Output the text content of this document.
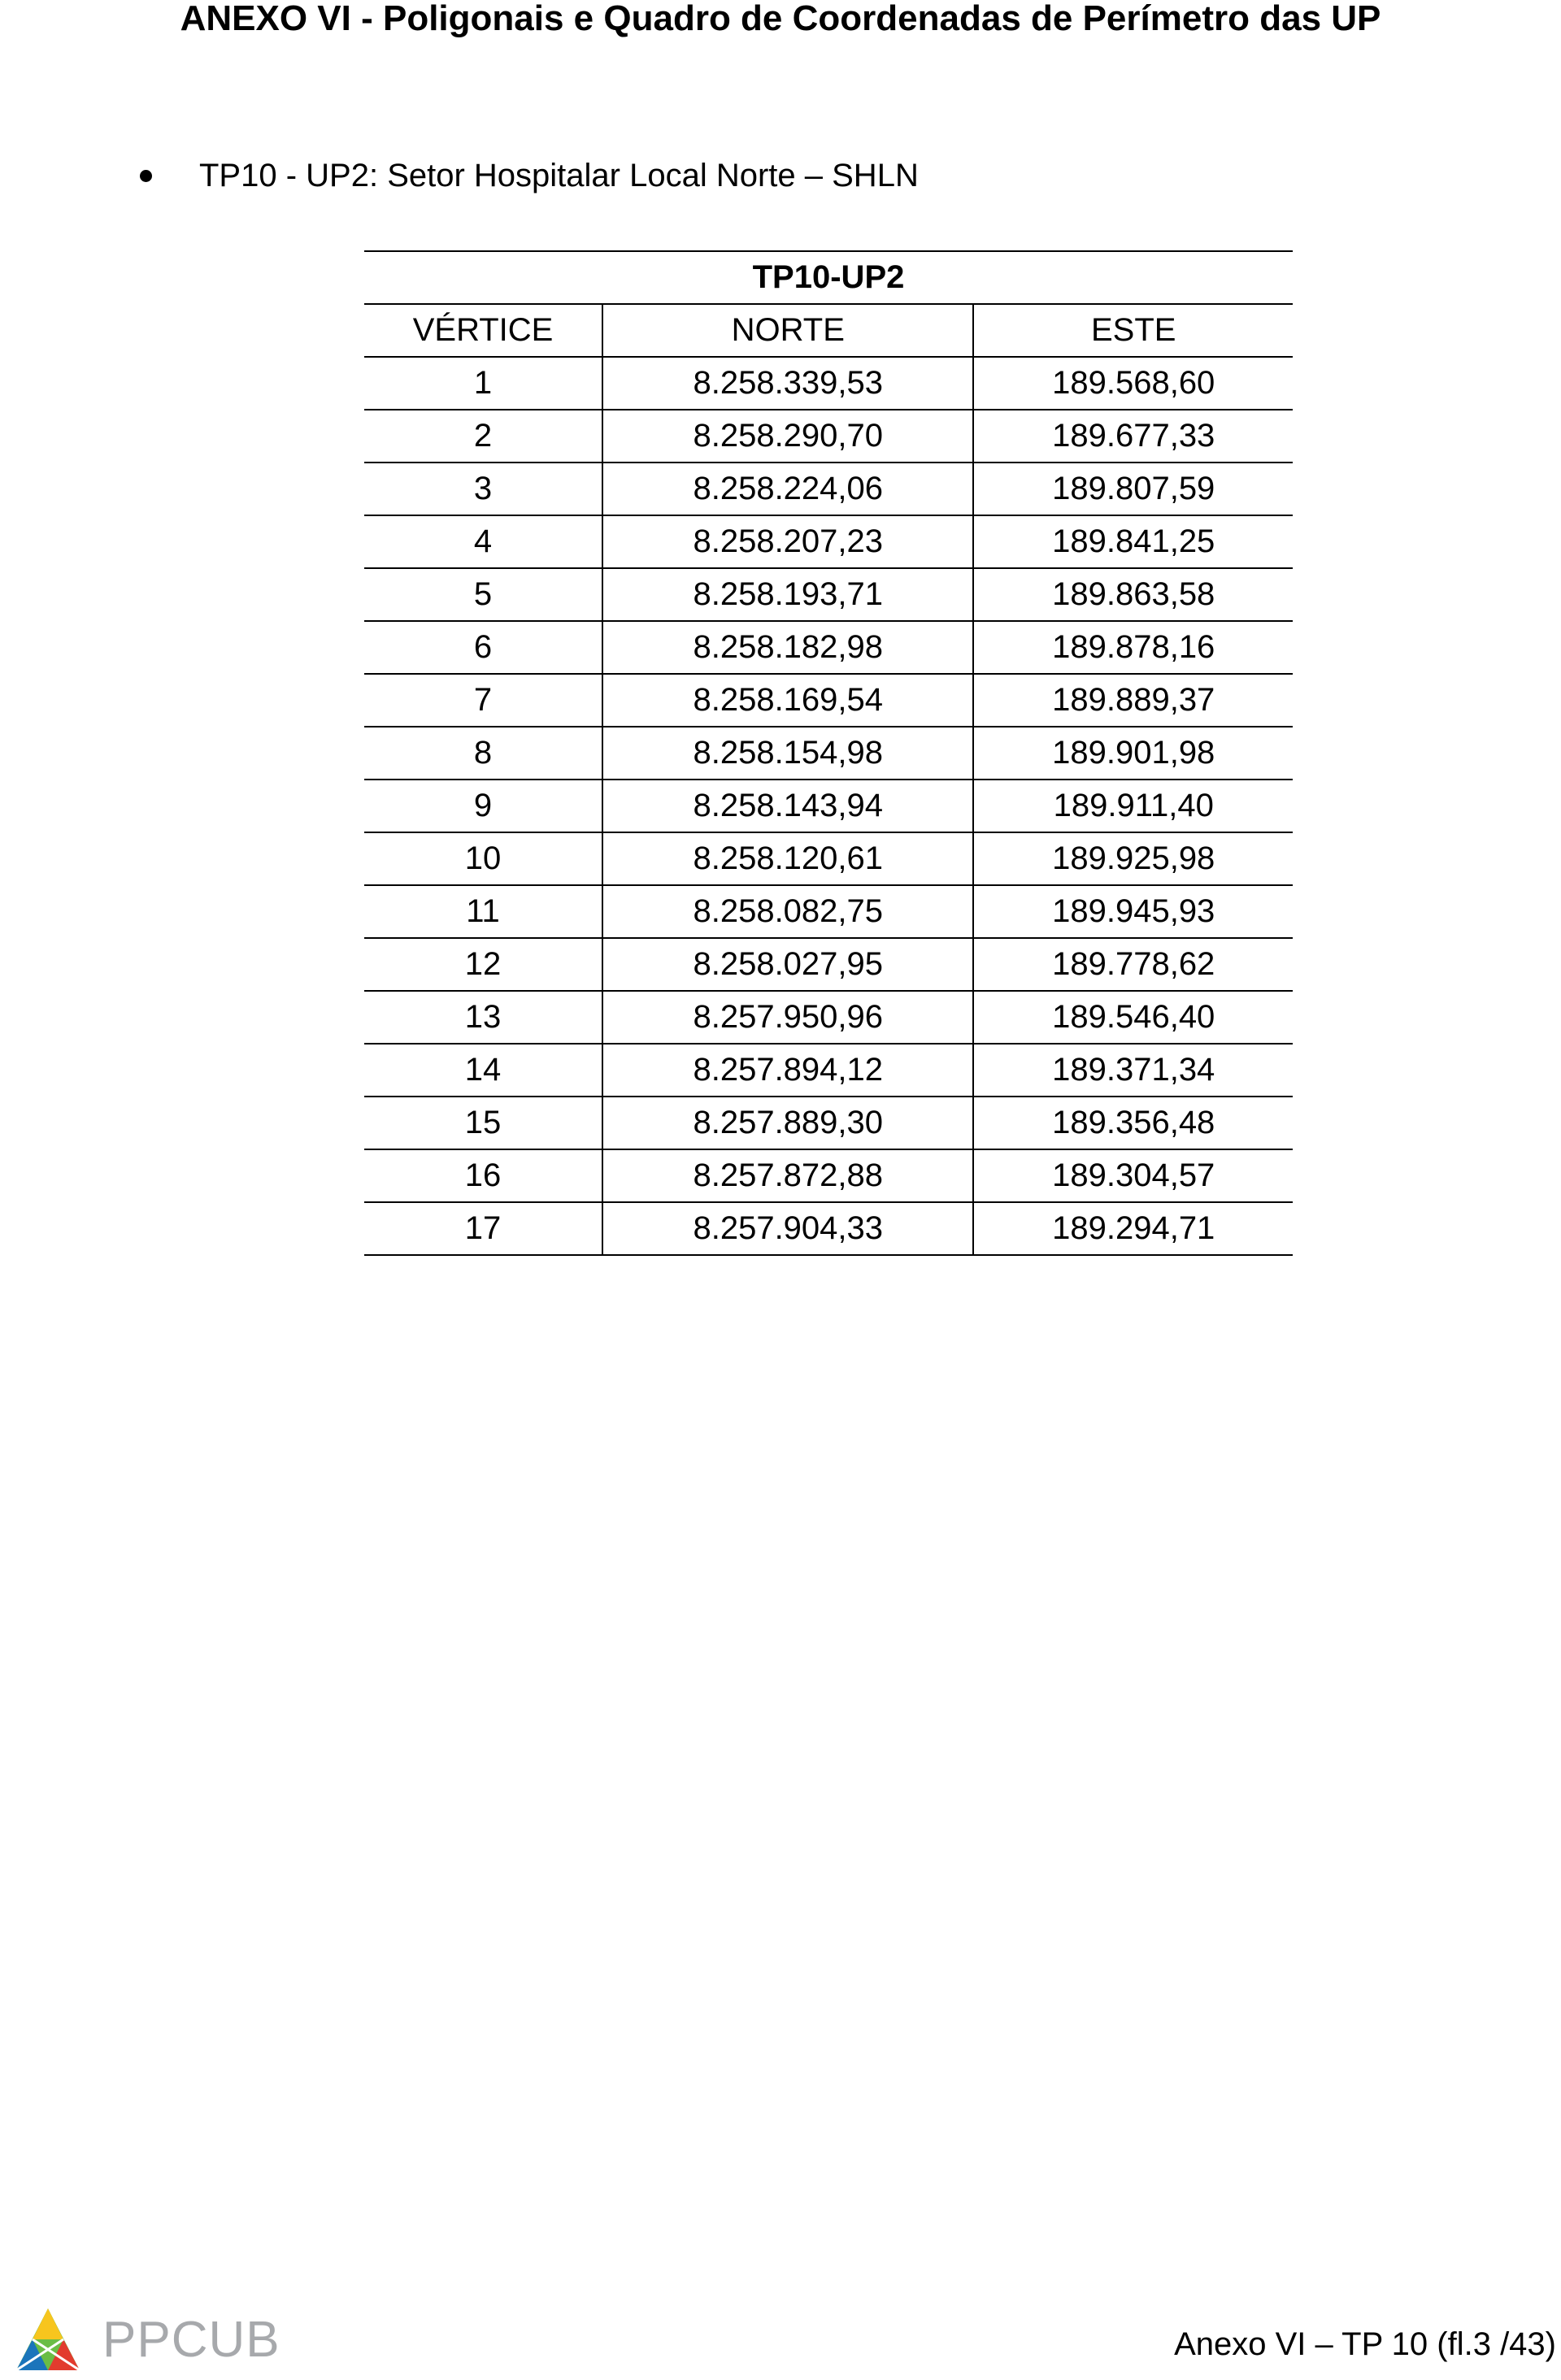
ANEXO VI - Poligonais e Quadro de Coordenadas de Perímetro das UP
TP10 - UP2: Setor Hospitalar Local Norte – SHLN
TP10-UP2		
VÉRTICE	NORTE	ESTE
1	8.258.339,53	189.568,60
2	8.258.290,70	189.677,33
3	8.258.224,06	189.807,59
4	8.258.207,23	189.841,25
5	8.258.193,71	189.863,58
6	8.258.182,98	189.878,16
7	8.258.169,54	189.889,37
8	8.258.154,98	189.901,98
9	8.258.143,94	189.911,40
10	8.258.120,61	189.925,98
11	8.258.082,75	189.945,93
12	8.258.027,95	189.778,62
13	8.257.950,96	189.546,40
14	8.257.894,12	189.371,34
15	8.257.889,30	189.356,48
16	8.257.872,88	189.304,57
17	8.257.904,33	189.294,71
PPCUB	Anexo VI – TP 10 (fl.3 /43)
